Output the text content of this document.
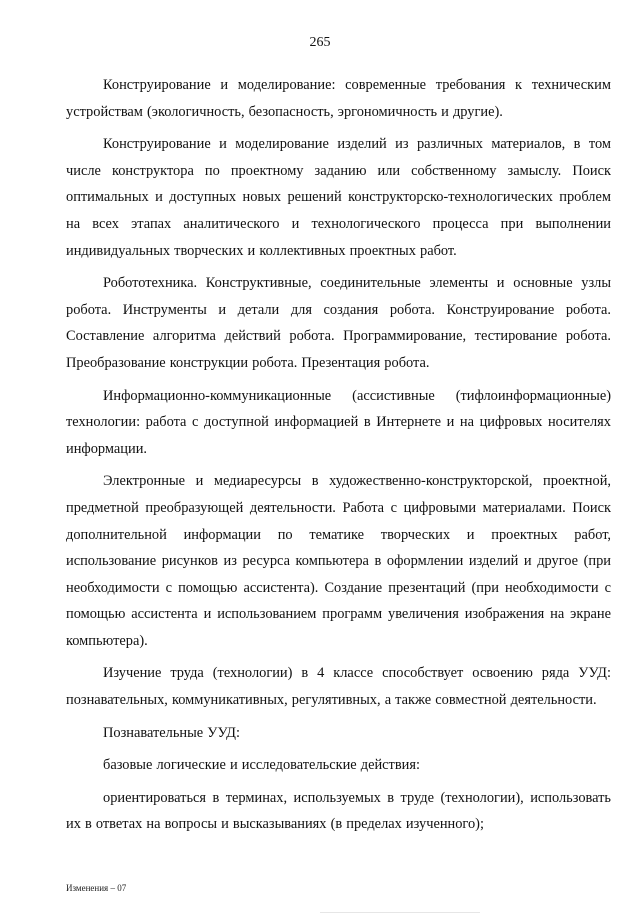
265

Конструирование и моделирование: современные требования к техническим устройствам (экологичность, безопасность, эргономичность и другие).

Конструирование и моделирование изделий из различных материалов, в том числе конструктора по проектному заданию или собственному замыслу. Поиск оптимальных и доступных новых решений конструкторско-технологических проблем на всех этапах аналитического и технологического процесса при выполнении индивидуальных творческих и коллективных проектных работ.

Робототехника. Конструктивные, соединительные элементы и основные узлы робота. Инструменты и детали для создания робота. Конструирование робота. Составление алгоритма действий робота. Программирование, тестирование робота. Преобразование конструкции робота. Презентация робота.

Информационно-коммуникационные (ассистивные (тифлоинформационные) технологии: работа с доступной информацией в Интернете и на цифровых носителях информации.

Электронные и медиаресурсы в художественно-конструкторской, проектной, предметной преобразующей деятельности. Работа с цифровыми материалами. Поиск дополнительной информации по тематике творческих и проектных работ, использование рисунков из ресурса компьютера в оформлении изделий и другое (при необходимости с помощью ассистента). Создание презентаций (при необходимости с помощью ассистента и использованием программ увеличения изображения на экране компьютера).

Изучение труда (технологии) в 4 классе способствует освоению ряда УУД: познавательных, коммуникативных, регулятивных, а также совместной деятельности.

Познавательные УУД:

базовые логические и исследовательские действия:

ориентироваться в терминах, используемых в труде (технологии), использовать их в ответах на вопросы и высказываниях (в пределах изученного);

Изменения – 07
